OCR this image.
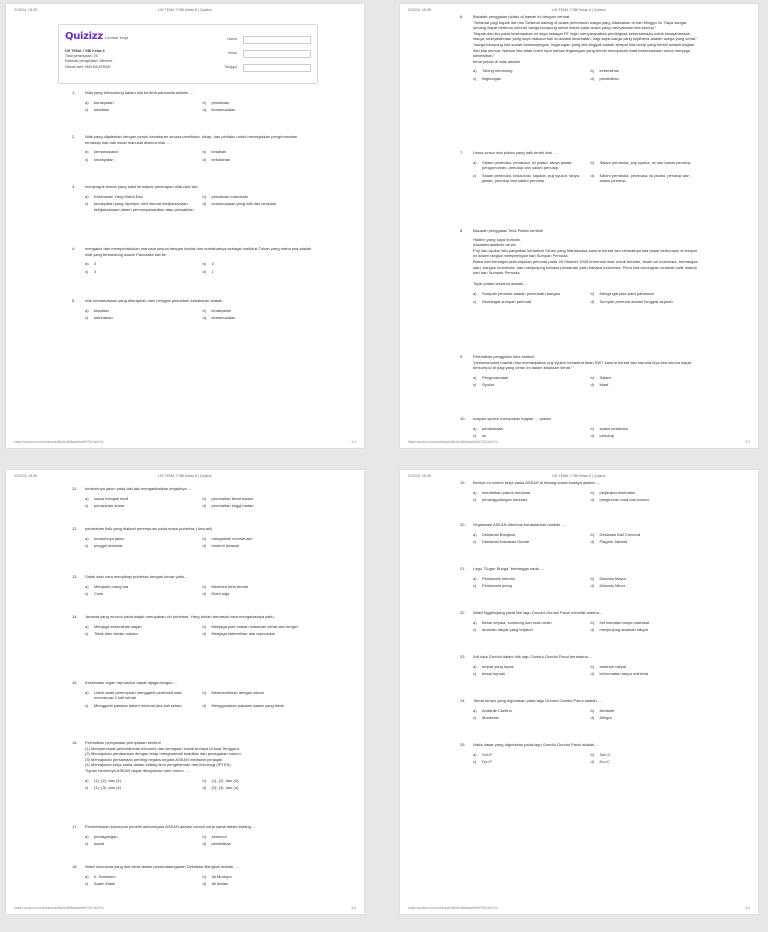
2/10/24, 15:35	UH TEMA 7 SBI Kelas 6 | Quizizz
Quizizz Lembar kerja
UH TEMA 7 SBI Kelas 6
Total pertanyaan: 25
Estimasi pengerjaan: 38menit
Dibuat oleh: MAYDA AFRAH
Nama
Kelas
Tanggal
1. Nilai yang terkandung dalam sila ke-lima pancasila adalah ....
a)	kerakyatan	b)	persatuan
c)	keadilan	d)	kemanusiaan
2. Nilai yang dijalankan dengan penuh kesadaran secara pemikiran, sikap, dan perilaku untuk menegakkan penghormatan terhadap hak-hak asasi manusia disebut nilai ....
a)	kemanusiaan	b)	keadilan
c)	kerakyatan	d)	ketuhanan
3. menjenguk teman yang sakit termasuk penerapan nilai-nilai sila
a)	Ketuhanan Yang Maha Esa	b)	persatuan Indonesia
c)	kerakyatan yang dipimpin oleh hikmat kebijaksanaan kebijaksanaan dalam permusyawaratan atau perwakilan
d)	kemanusiaan yang adil dan beradab
4. mengakui dan memperlakukan manusia sesuai dengan harkat dan martabatnya sebagai makhluk Tuhan yang maha esa adalah nilai yang terkandung dalam Pancasila sila ke
a)	2	b)	3
c)	4	d)	1
5. nilai kemanusiaan yang diterapkan oleh petugas pemadam kebakaran adalah
a)	keadilan	b)	kerakyatan
c)	ketuhanan	d)	kemanusiaan
https://quizizz.com/print/quiz/65a9c865ada6e60079c3ee7/d	1/4
2/10/24, 15:35	UH TEMA 7 SBI Kelas 6 | Quizizz
6. Bacalah penggalan pidato di bawah ini dengan cermat
"Selamat pagi bapak dan ibu Selamat datang di acara pertemuan warga yang dilaksakan di hari Minggu ini. Saya sangat senang dapat bertemu seluruh warga kampung sehat melati pada acara yang menyatukan kita semua."
"Bapak dan ibu pada kesempatan ini saya sebagai RT ingin menyampaikan pentingnya kebersamaan untuk kesejahteraan warga, kesejahteraan yang saya maksud kali ini adalah kesehatan, bagi saya warga yang sejahtera adalah warga yang sehat."
"warga kampung kita sudah berdampingan, lingkungan yang kita tinggali adalah tempat kita hidup yang bersih adalah bagian dari kita semua. Namun kita tidak boleh lupa bahwa lingkungan yang bersih merupakan hasil kebersamaan untuk menjaga kebersihan."
tema pidato di atas adalah
a)	Tolong menolong	b)	kebersihan
c)	lingkungan	d)	pendidikan
7. Unsur-unsur dari pidato yang baik terdiri dari ....
a)	Salam pembuka, pembuka, isi pidato, tanya jawab, pengumuman, penutup dan salam penutup
b)	Salam pembuka, puji syukur, isi dan salam penutup
c)	Salam pembuka, basa-basi, sapaan, puji syukur, tanya jawab, penutup dan salam penutup
d)	Salam pembuka, pembuka, isi pidato, penutup dan salam penutup
8. Bacalah penggalan Teks Pidato berikut!
Hadirin yang saya hormati,
Assalamualaikum wr.wb
Puji dan syukur kita panjatkan kehadirat Tuhan yang Mahakuasa karena berkat dan rahmatnya kita dapat berkumpul di tempat ini dalam rangka memperingati hari Sumpah Pemuda.
Biasa dari berbagai perkumpulan pemuda pada 28 Oktober 1928 terbentuk ikrar untuk bersatu, tanah air Indonesia, berbangsa satu, bangsa Indonesia, dan menjunjung bahasa persatuan yaitu bahasa Indonesia. Perlu kita renungkan kembali balik makna dari hari Sumpah Pemuda.

Topik pidato tersebut adalah....
a)	Sumpah pemuda adalah pemersatu bangsa	b)	Mengingat jasa para pahlawan
c)	Semangat sumpah pemuda	d)	Sumpah pemuda adalah tonggak sejarah
9. Perhatikan penggalan teks berikut!
"pertama-tama marilah kita memanjatkan puji syukur kehadirat Allah SWT karena berkat dan karunia-Nya kita semua dapat berkumpul di pagi yang cerah ini dalam keadaan sehat."
a)	Penghormatan	b)	Salam
c)	Syukur	d)	Maaf
10. ucapan syukur merupakan bagian .... pidato
a)	pembukaan	b)	salam pembuka
c)	isi	d)	penutup
https://quizizz.com/print/quiz/65a9c865ada6e60079c3ee7/d	2/4
2/10/24, 15:35	UH TEMA 7 SBI Kelas 6 | Quizizz
11. tumbuhnya jakun pada laki-laki mengakibatkan terjadinya ....
a)	suara menjadi kecil	b)	perubahan berat badan
c)	perubahan suara	d)	perubahan tinggi badan
12. perubahan fisik yang dialami perempuan pada masa pubertas ( kecuali)
a)	tumbuhnya jakun	b)	mengalami menstruasi
c)	pinggul melebar	d)	tumbuh jerawat
13. Salah satu cara menyikapi pubertas dengan benar yaitu....
a)	Menjauhi orang tua	b)	Memberi tahu teman
c)	Cuek	d)	Diam saja
14. Jerawat yang muncul pada wajah merupakan ciri pubertas. Yang bukan termasuk cara mengatasinya yaitu
a)	Menjaga kebersihan wajah	b)	Menjaga pola makan makanan sehat dan bergizi
c)	Tidak tidur terlalu malam	d)	Menjaga kebersihan alat reproduksi
15. Kesehatan organ reproduksi dapat dijaga dengan....
a)	Untuk anak perempuan mengganti pembalut saat menstruasi 2 kali sehari
b)	Membersihkan dengan sabun
c)	Mengganti pakaian dalam minimal dua kali sehari	d)	Menggunakan pakaian dalam yang tebal
16. Perhatikan pernyataan-pernyataan berikut!
(1) Mempercepat pertumbuhan ekonomi dan kemajuan sosial budaya di Asia Tenggara.
(2) Memajukan perdamaian dengan tetap menghormati keadilan dan penegakan hukum.
(3) Memajukan persamaan penting negara-negara ASEAN melawan penjajah.
(4) Memajukan kerja sama dalam bidang ilmu pengetahuan dan teknologi (IPTEK).
Tujuan berdirinya ASEAN dapat ditunjukkan oleh nomor ....
a)	(1), (2), dan (4)	b)	(1), (2), dan (3)
c)	(1), (3), dan (4)	d)	(2), (3), dan (4)
17. Pembentukan kelompok peneliti antarnegara ASEAN adalah contoh kerja sama dalam bidang ....
a)	perdagangan	b)	ekonomi
c)	sosial	d)	pendidikan
18. Wakil Indonesia yang ikut serta dalam penandatanganan Deklarasi Bangkok adalah ....
a)	Ir. Soekarno	b)	Ali Murtopo
c)	Adam Malik	d)	Ali Alatas
https://quizizz.com/print/quiz/65a9c865ada6e60079c3ee7/d	3/4
2/10/24, 15:35	UH TEMA 7 SBI Kelas 6 | Quizizz
19. Berikut ini contoh kerja sama ASEAN di bidang sosial budaya adalah ....
a)	mendirikan pabrik bersama	b)	perjanjian ekstradisi
c)	penanggulangan narkoba	d)	pengiriman duta dan konsul
20. Organisasi ASEAN dibentuk berdasarkan naskah ....
a)	Deklarasi Bangkok	b)	Deklarasi Bali Concord
c)	Deklarasi Kawasan Damai	d)	Piagam Jakarta
21. Lagu "Gugur Bunga" bertangga nada ....
a)	Pentatonis slendro	b)	Diatonis Mayor
c)	Pentatonis pelog	d)	Diatonis Minor
22. Wakil Nggelinjang pada lirik lagu Gundul-Gundul Pacul memiliki makna....
a)	Besar kepala, sombong dan main-main	b)	Kehormatan tanpa martabat
c)	amanah rakyat yang terjatuh	d)	menjunjung amanah rakyat
23. Arti kata Gundul dalam lirik lagu Gundul-Gundul Pacul bermakna....
a)	empat yang lepas	b)	amanah rakyat
c)	besar kepala	d)	kehormatan tanpa mahkota
24. Tanda tempo yang digunakan pada lagu Gundul-Gundul Pacul adalah ....
a)	Andante Cantino	b)	Andante
c)	Moderato	d)	Allegro
25. Nada dasar yang digunakan pada lagu Gundul-Gundul Pacul adalah....
a)	Sol=F	b)	Sol=C
c)	Do=F	d)	Do=C
https://quizizz.com/print/quiz/65a9c865ada6e60079c3ee7/d	4/4
